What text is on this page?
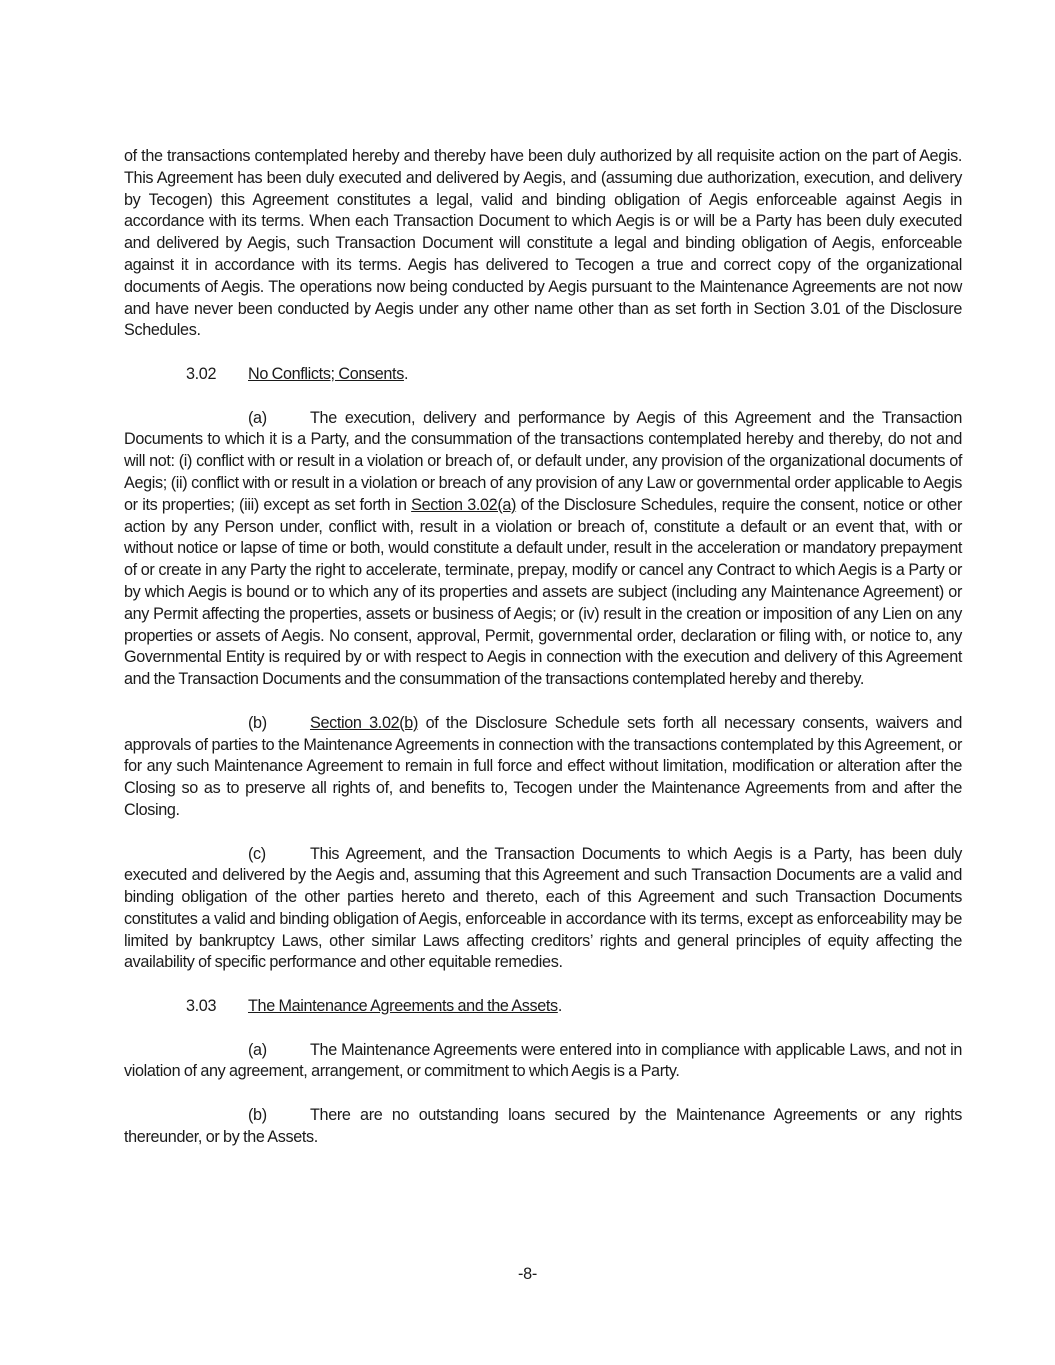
of the transactions contemplated hereby and thereby have been duly authorized by all requisite action on the part of Aegis. This Agreement has been duly executed and delivered by Aegis, and (assuming due authorization, execution, and delivery by Tecogen) this Agreement constitutes a legal, valid and binding obligation of Aegis enforceable against Aegis in accordance with its terms. When each Transaction Document to which Aegis is or will be a Party has been duly executed and delivered by Aegis, such Transaction Document will constitute a legal and binding obligation of Aegis, enforceable against it in accordance with its terms. Aegis has delivered to Tecogen a true and correct copy of the organizational documents of Aegis. The operations now being conducted by Aegis pursuant to the Maintenance Agreements are not now and have never been conducted by Aegis under any other name other than as set forth in Section 3.01 of the Disclosure Schedules.

3.02 No Conflicts; Consents.

(a)	The execution, delivery and performance by Aegis of this Agreement and the Transaction Documents to which it is a Party, and the consummation of the transactions contemplated hereby and thereby, do not and will not: (i) conflict with or result in a violation or breach of, or default under, any provision of the organizational documents of Aegis; (ii) conflict with or result in a violation or breach of any provision of any Law or governmental order applicable to Aegis or its properties; (iii) except as set forth in Section 3.02(a) of the Disclosure Schedules, require the consent, notice or other action by any Person under, conflict with, result in a violation or breach of, constitute a default or an event that, with or without notice or lapse of time or both, would constitute a default under, result in the acceleration or mandatory prepayment of or create in any Party the right to accelerate, terminate, prepay, modify or cancel any Contract to which Aegis is a Party or by which Aegis is bound or to which any of its properties and assets are subject (including any Maintenance Agreement) or any Permit affecting the properties, assets or business of Aegis; or (iv) result in the creation or imposition of any Lien on any properties or assets of Aegis. No consent, approval, Permit, governmental order, declaration or filing with, or notice to, any Governmental Entity is required by or with respect to Aegis in connection with the execution and delivery of this Agreement and the Transaction Documents and the consummation of the transactions contemplated hereby and thereby.

(b)	Section 3.02(b) of the Disclosure Schedule sets forth all necessary consents, waivers and approvals of parties to the Maintenance Agreements in connection with the transactions contemplated by this Agreement, or for any such Maintenance Agreement to remain in full force and effect without limitation, modification or alteration after the Closing so as to preserve all rights of, and benefits to, Tecogen under the Maintenance Agreements from and after the Closing.

(c)	This Agreement, and the Transaction Documents to which Aegis is a Party, has been duly executed and delivered by the Aegis and, assuming that this Agreement and such Transaction Documents are a valid and binding obligation of the other parties hereto and thereto, each of this Agreement and such Transaction Documents constitutes a valid and binding obligation of Aegis, enforceable in accordance with its terms, except as enforceability may be limited by bankruptcy Laws, other similar Laws affecting creditors’ rights and general principles of equity affecting the availability of specific performance and other equitable remedies.

3.03 The Maintenance Agreements and the Assets.

(a)	The Maintenance Agreements were entered into in compliance with applicable Laws, and not in violation of any agreement, arrangement, or commitment to which Aegis is a Party.

(b)	There are no outstanding loans secured by the Maintenance Agreements or any rights thereunder, or by the Assets.

-8-
